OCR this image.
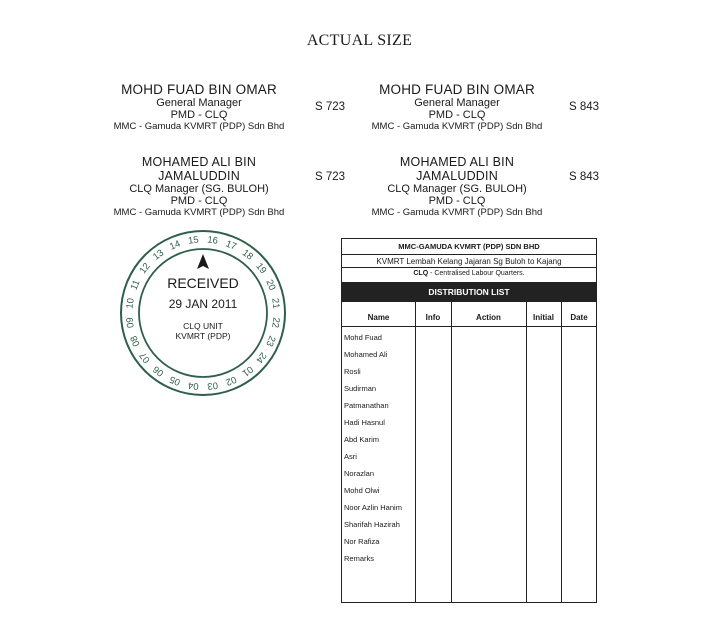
ACTUAL SIZE
MOHD FUAD BIN OMAR
General Manager
PMD - CLQ
MMC - Gamuda KVMRT (PDP) Sdn Bhd
S 723
MOHD FUAD BIN OMAR
General Manager
PMD - CLQ
MMC - Gamuda KVMRT (PDP) Sdn Bhd
S 843
MOHAMED ALI BIN JAMALUDDIN
CLQ Manager (SG. BULOH)
PMD - CLQ
MMC - Gamuda KVMRT (PDP) Sdn Bhd
S 723
MOHAMED ALI BIN JAMALUDDIN
CLQ Manager (SG. BULOH)
PMD - CLQ
MMC - Gamuda KVMRT (PDP) Sdn Bhd
S 843
13
14 15 16 17
18
19
20
21
22
23
24
01
02
03
04
05
06
07
08
09
10
11
12
RECEIVED
29 JAN 2011
CLQ UNIT
KVMRT (PDP)
MMC-GAMUDA KVMRT (PDP) SDN BHD
KVMRT Lembah Kelang Jajaran Sg Buloh to Kajang
CLQ - Centralised Labour Quarters.
DISTRIBUTION LIST
Name	Info	Action	Initial	Date
Mohd Fuad
Mohamed Ali
Rosli
Sudirman
Patmanathan
Hadi Hasnul
Abd Karim
Asri
Norazlan
Mohd Olwi
Noor Azlin Hanim
Sharifah Hazirah
Nor Rafiza
Remarks
